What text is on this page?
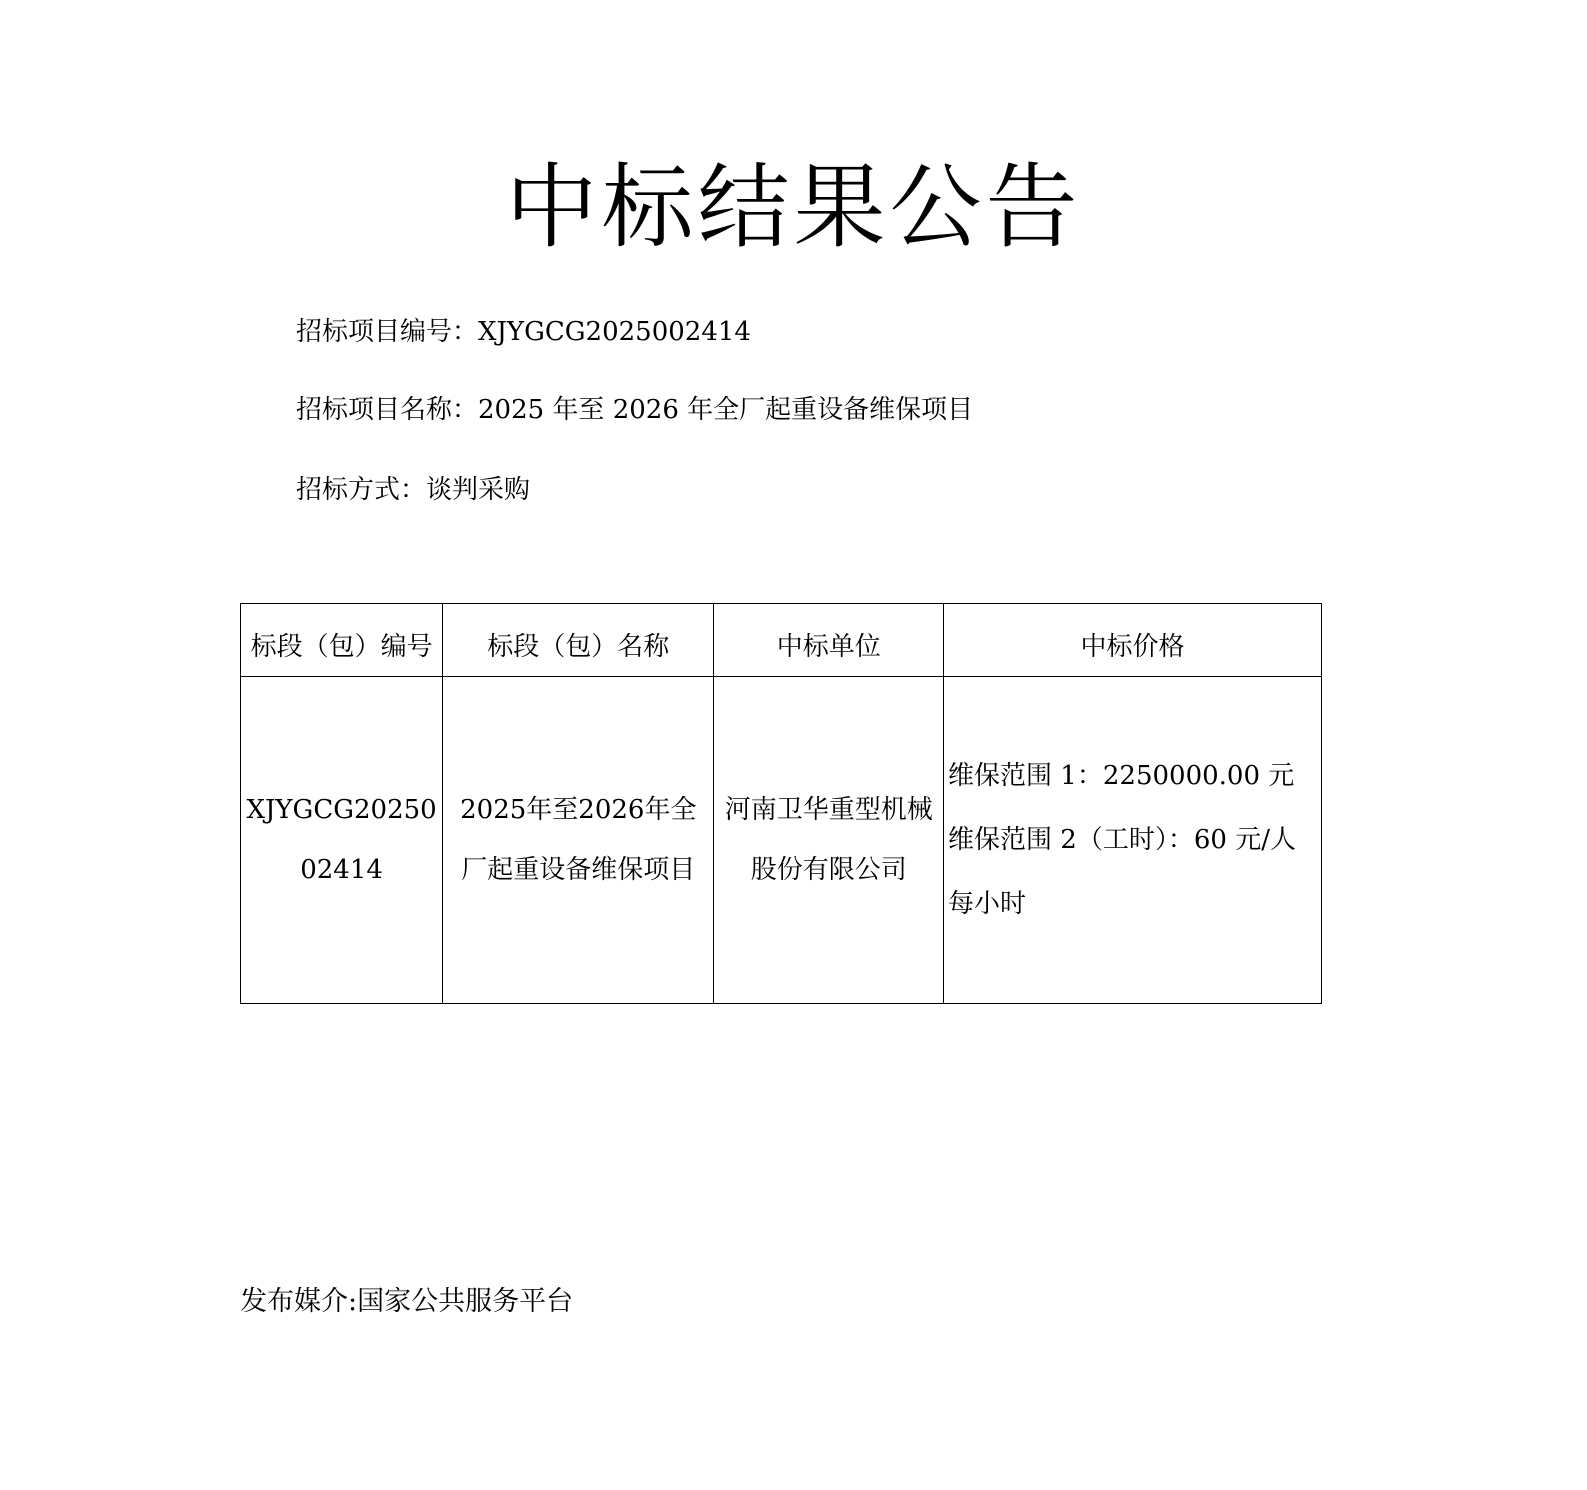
中标结果公告
招标项目编号：XJYGCG2025002414
招标项目名称：2025 年至 2026 年全厂起重设备维保项目
招标方式：谈判采购
标段（包）编号	标段（包）名称	中标单位	中标价格
XJYGCG2025002414	2025年至2026年全厂起重设备维保项目	河南卫华重型机械股份有限公司	维保范围 1：2250000.00 元
维保范围 2（工时）：60 元/人每小时
发布媒介:国家公共服务平台
